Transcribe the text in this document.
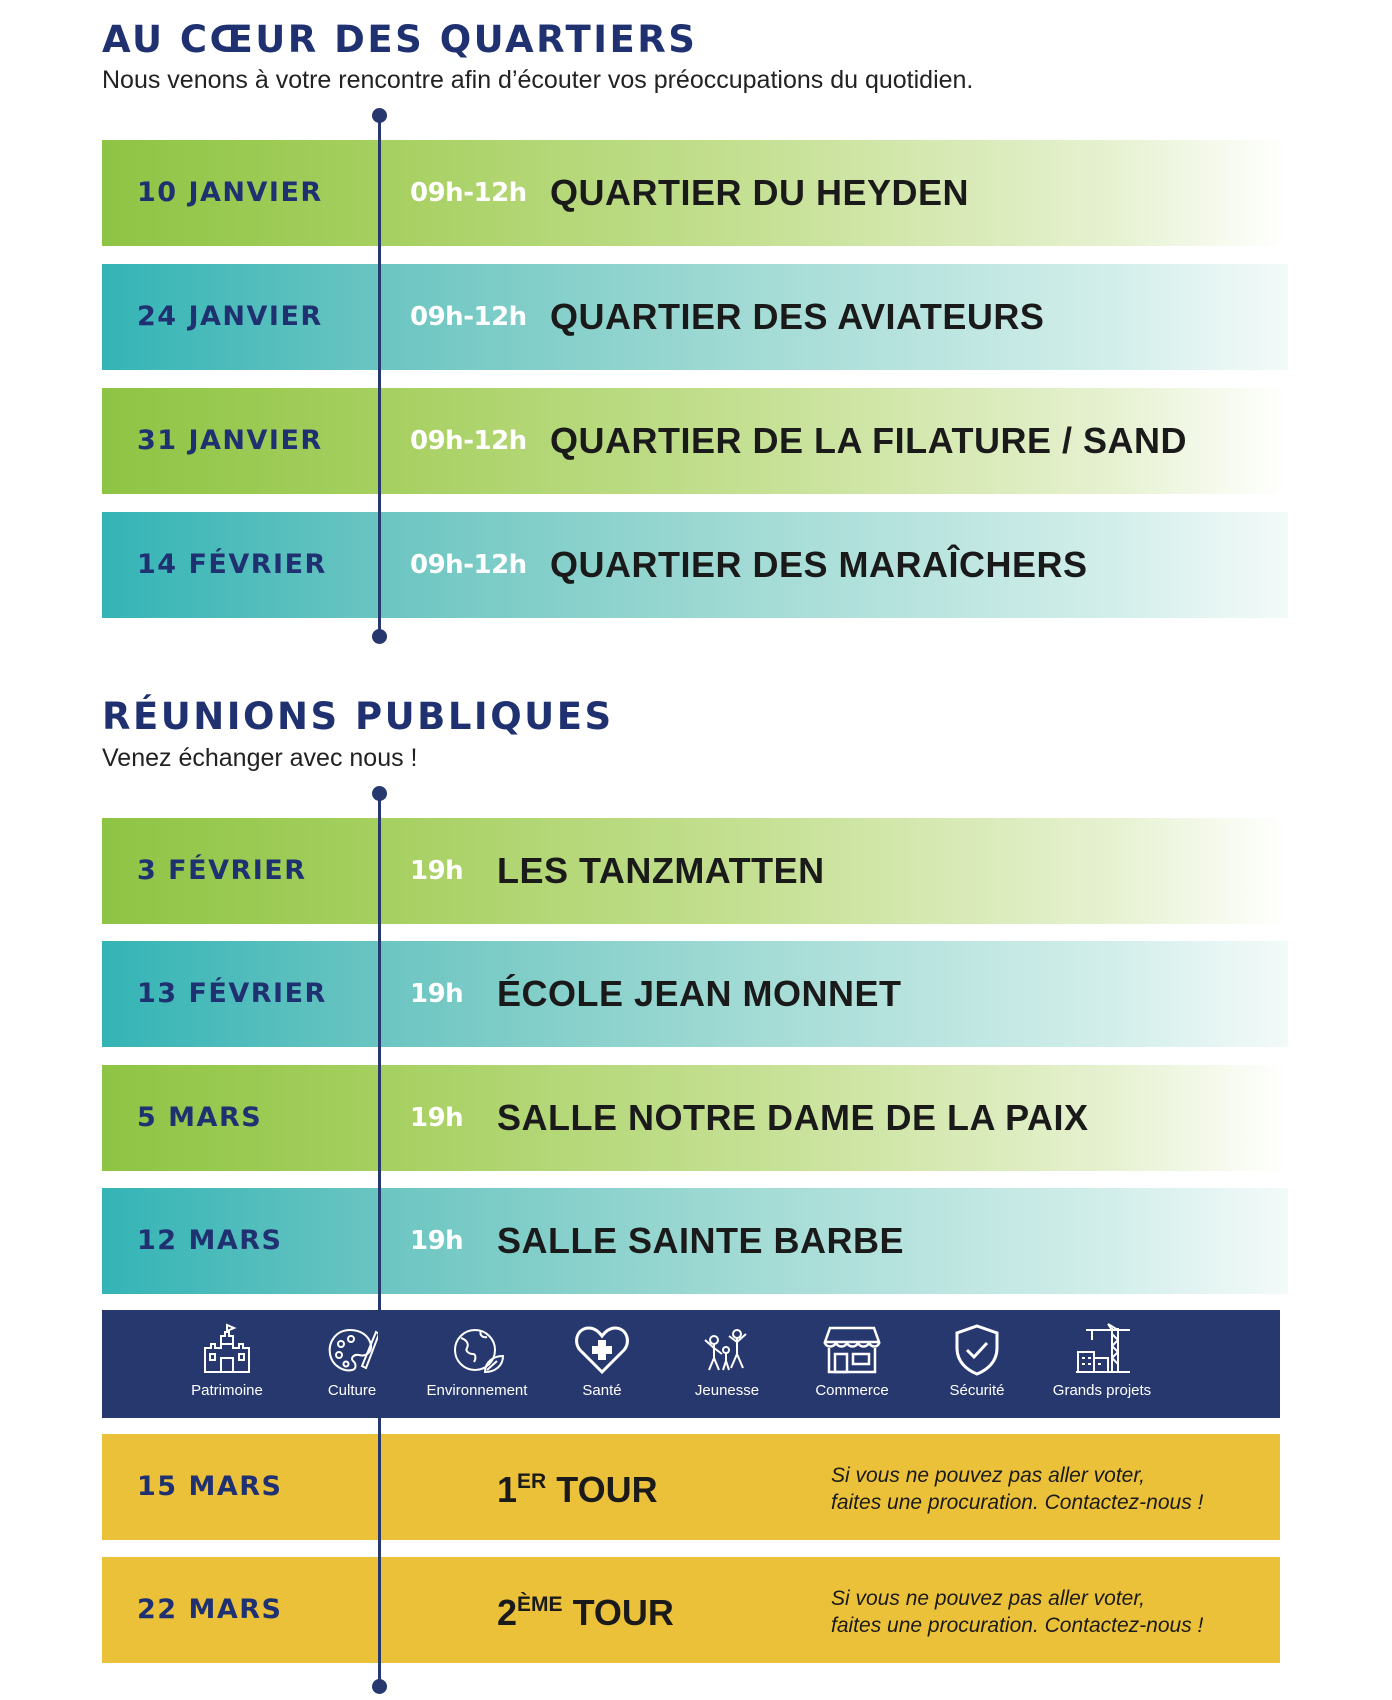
AU CŒUR DES QUARTIERS
Nous venons à votre rencontre afin d’écouter vos préoccupations du quotidien.
10 JANVIER	09h-12h QUARTIER DU HEYDEN
24 JANVIER	09h-12h QUARTIER DES AVIATEURS
31 JANVIER	09h-12h QUARTIER DE LA FILATURE / SAND
14 FÉVRIER	09h-12h QUARTIER DES MARAÎCHERS
RÉUNIONS PUBLIQUES
Venez échanger avec nous !
3 FÉVRIER	19h LES TANZMATTEN
13 FÉVRIER	19h ÉCOLE JEAN MONNET
5 MARS	19h SALLE NOTRE DAME DE LA PAIX
12 MARS	19h SALLE SAINTE BARBE
Patrimoine	Culture	Environnement	Santé	Jeunesse	Commerce	Sécurité	Grands projets
15 MARS	1ER TOUR	Si vous ne pouvez pas aller voter,
faites une procuration. Contactez-nous !
22 MARS	2ÈME TOUR	Si vous ne pouvez pas aller voter,
faites une procuration. Contactez-nous !
